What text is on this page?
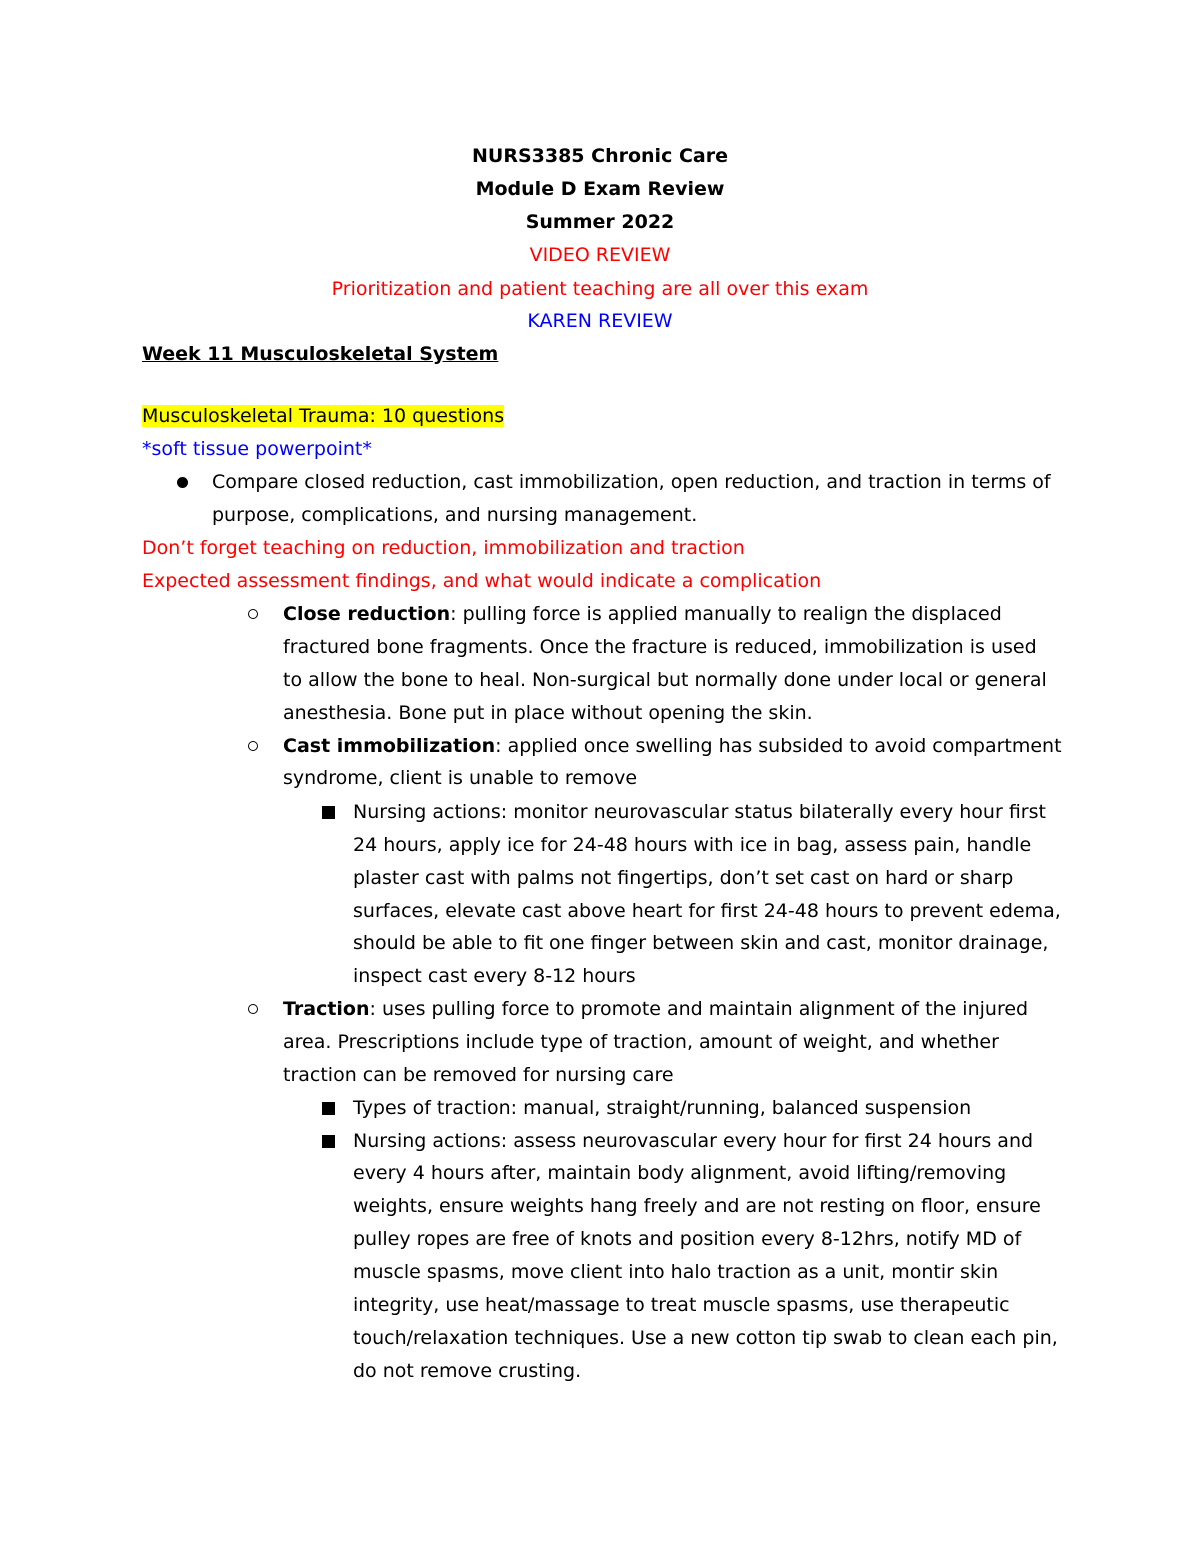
NURS3385 Chronic Care
Module D Exam Review
Summer 2022
VIDEO REVIEW
Prioritization and patient teaching are all over this exam
KAREN REVIEW
Week 11 Musculoskeletal System
Musculoskeletal Trauma: 10 questions
*soft tissue powerpoint*
Compare closed reduction, cast immobilization, open reduction, and traction in terms of
purpose, complications, and nursing management.
Don’t forget teaching on reduction, immobilization and traction
Expected assessment findings, and what would indicate a complication
Close reduction: pulling force is applied manually to realign the displaced
fractured bone fragments. Once the fracture is reduced, immobilization is used
to allow the bone to heal. Non-surgical but normally done under local or general
anesthesia. Bone put in place without opening the skin.
Cast immobilization: applied once swelling has subsided to avoid compartment
syndrome, client is unable to remove
Nursing actions: monitor neurovascular status bilaterally every hour first
24 hours, apply ice for 24-48 hours with ice in bag, assess pain, handle
plaster cast with palms not fingertips, don’t set cast on hard or sharp
surfaces, elevate cast above heart for first 24-48 hours to prevent edema,
should be able to fit one finger between skin and cast, monitor drainage,
inspect cast every 8-12 hours
Traction: uses pulling force to promote and maintain alignment of the injured
area. Prescriptions include type of traction, amount of weight, and whether
traction can be removed for nursing care
Types of traction: manual, straight/running, balanced suspension
Nursing actions: assess neurovascular every hour for first 24 hours and
every 4 hours after, maintain body alignment, avoid lifting/removing
weights, ensure weights hang freely and are not resting on floor, ensure
pulley ropes are free of knots and position every 8-12hrs, notify MD of
muscle spasms, move client into halo traction as a unit, montir skin
integrity, use heat/massage to treat muscle spasms, use therapeutic
touch/relaxation techniques. Use a new cotton tip swab to clean each pin,
do not remove crusting.
